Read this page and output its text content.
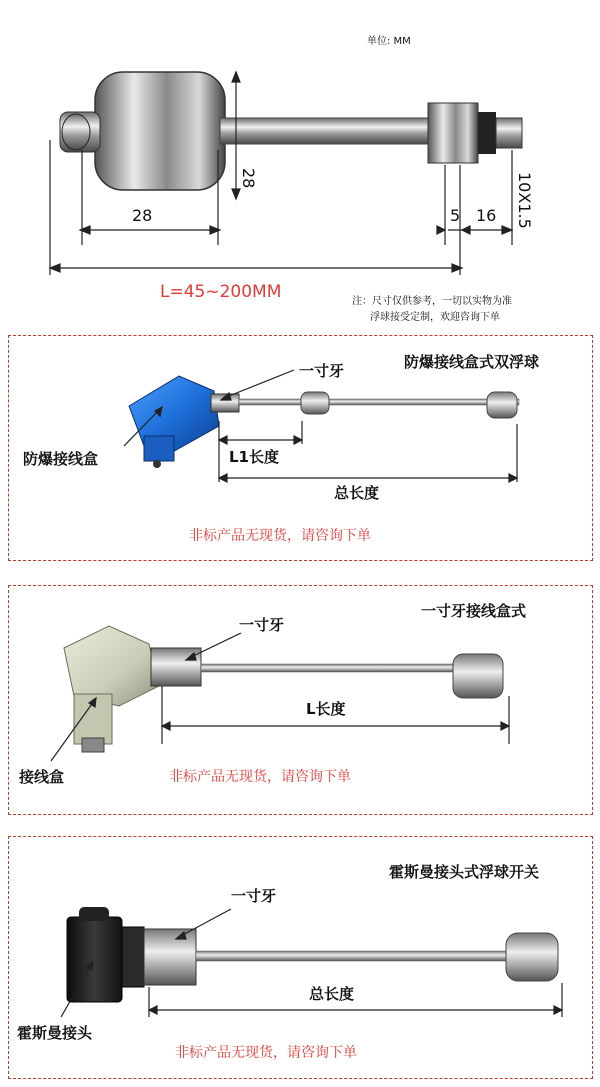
单位: MM
28
28	5 16 10X1.5
L=45~200MM	注：尺寸仅供参考，一切以实物为准
浮球接受定制，欢迎咨询下单
防爆接线盒式双浮球
一寸牙
防爆接线盒	L1长度
总长度
非标产品无现货，请咨询下单
一寸牙接线盒式
一寸牙
接线盒
L长度
非标产品无现货，请咨询下单
霍斯曼接头式浮球开关
一寸牙
霍斯曼接头
总长度
非标产品无现货，请咨询下单
